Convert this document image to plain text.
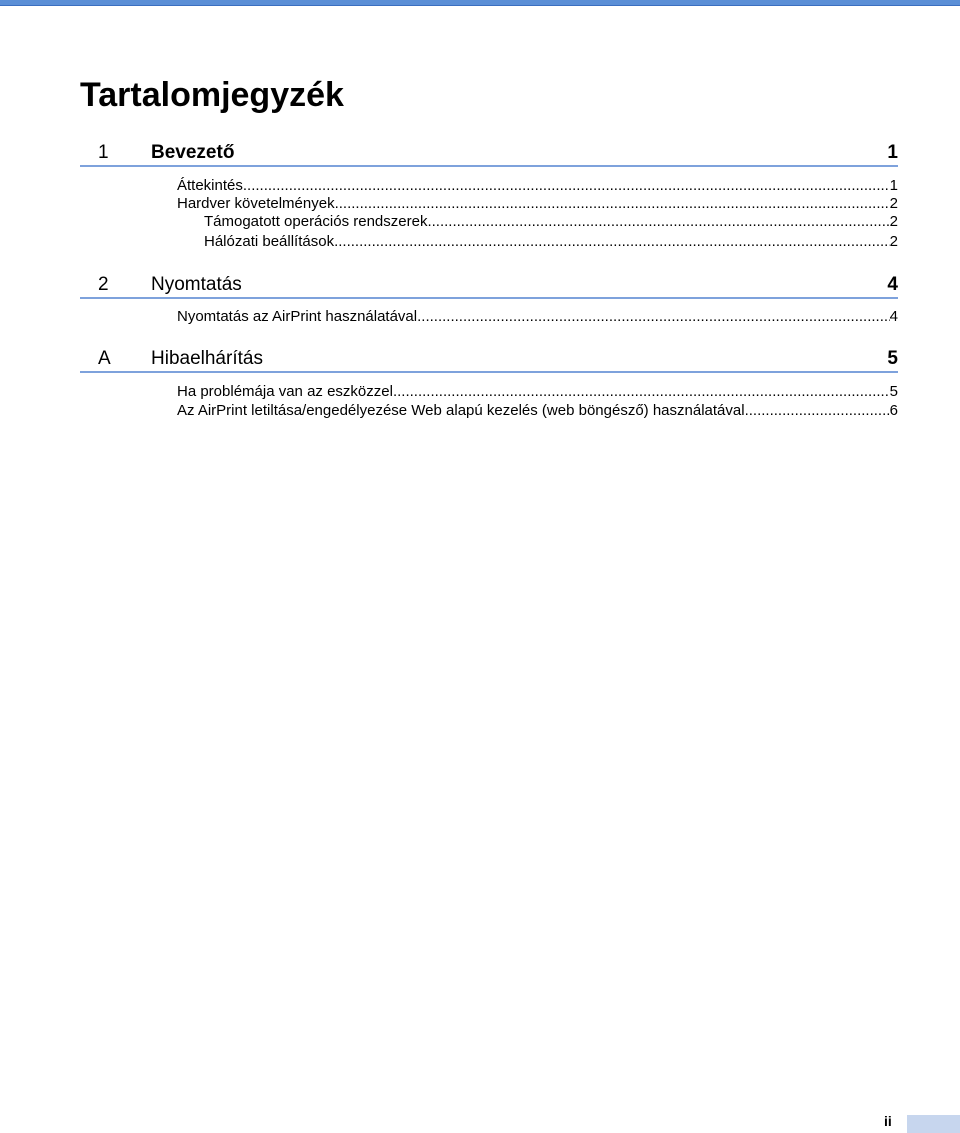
Tartalomjegyzék
1 Bevezető	1
Áttekintés .....	1
Hardver követelmények .....	2
Támogatott operációs rendszerek .....	2
Hálózati beállítások .....	2
2 Nyomtatás	4
Nyomtatás az AirPrint használatával .....	4
A Hibaelhárítás	5
Ha problémája van az eszközzel .....	5
Az AirPrint letiltása/engedélyezése Web alapú kezelés (web böngésző) használatával .....	6
ii
